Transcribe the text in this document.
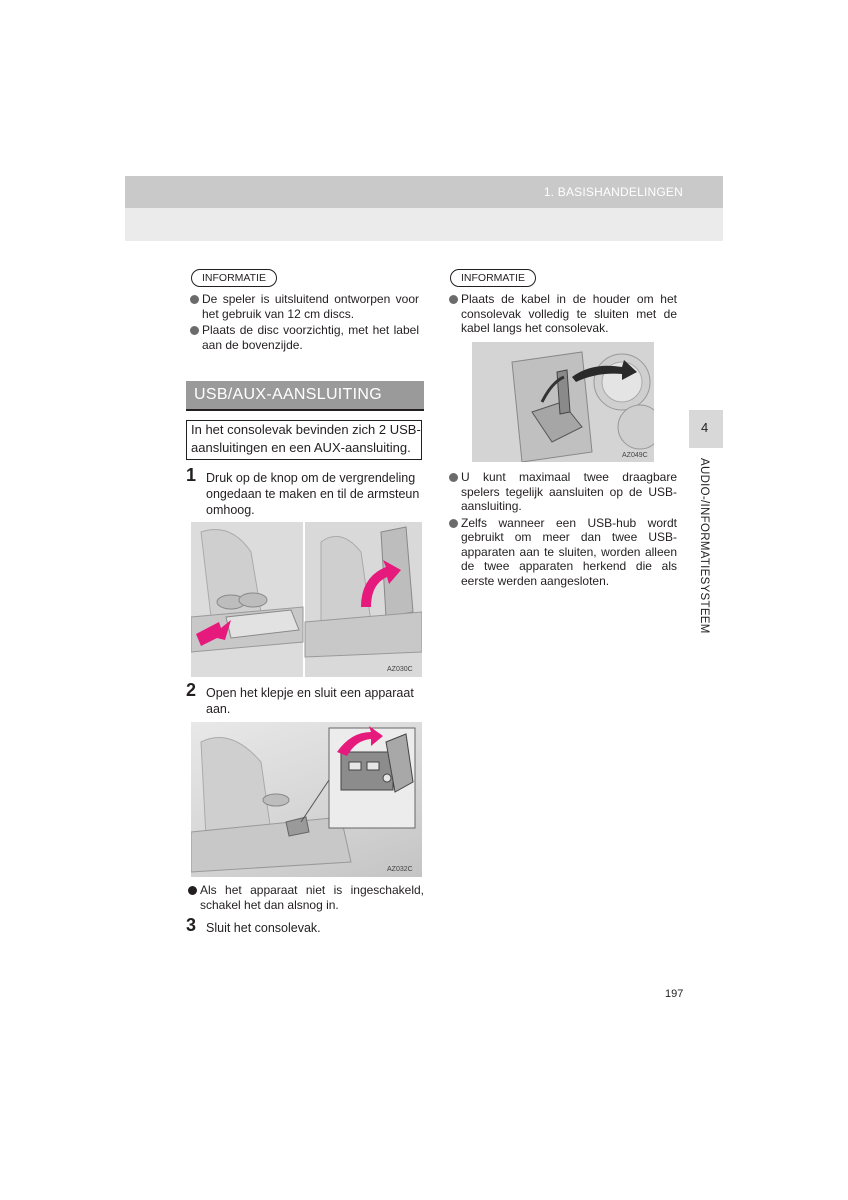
1. BASISHANDELINGEN
INFORMATIE
De speler is uitsluitend ontworpen voor het gebruik van 12 cm discs.
Plaats de disc voorzichtig, met het label aan de bovenzijde.
USB/AUX-AANSLUITING
In het consolevak bevinden zich 2 USB-aansluitingen en een AUX-aansluiting.
1 Druk op de knop om de vergrendeling ongedaan te maken en til de armsteun omhoog.
AZ030C
2 Open het klepje en sluit een apparaat aan.
AZ032C
Als het apparaat niet is ingeschakeld, schakel het dan alsnog in.
3 Sluit het consolevak.
INFORMATIE
Plaats de kabel in de houder om het consolevak volledig te sluiten met de kabel langs het consolevak.
AZ049C
U kunt maximaal twee draagbare spelers tegelijk aansluiten op de USB-aansluiting.
Zelfs wanneer een USB-hub wordt gebruikt om meer dan twee USB-apparaten aan te sluiten, worden alleen de twee apparaten herkend die als eerste werden aangesloten.
4
AUDIO-/INFORMATIESYSTEEM
197
